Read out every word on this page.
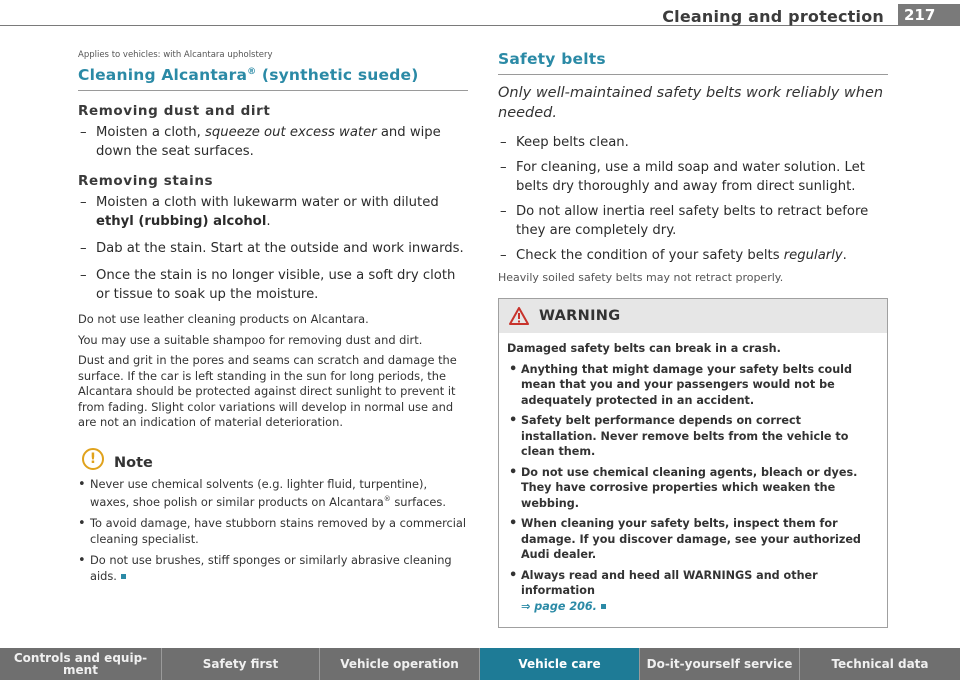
Cleaning and protection	217
Applies to vehicles: with Alcantara upholstery
Cleaning Alcantara® (synthetic suede)
Removing dust and dirt
– Moisten a cloth, squeeze out excess water and wipe down the seat surfaces.
Removing stains
– Moisten a cloth with lukewarm water or with diluted ethyl (rubbing) alcohol.
– Dab at the stain. Start at the outside and work inwards.
– Once the stain is no longer visible, use a soft dry cloth or tissue to soak up the moisture.

Do not use leather cleaning products on Alcantara.

You may use a suitable shampoo for removing dust and dirt.

Dust and grit in the pores and seams can scratch and damage the surface. If the car is left standing in the sun for long periods, the Alcantara should be protected against direct sunlight to prevent it from fading. Slight color variations will develop in normal use and are not an indication of material deterioration.

!	Note
• Never use chemical solvents (e.g. lighter fluid, turpentine), waxes, shoe polish or similar products on Alcantara® surfaces.
• To avoid damage, have stubborn stains removed by a commercial cleaning specialist.
• Do not use brushes, stiff sponges or similarly abrasive cleaning aids.
Safety belts

Only well-maintained safety belts work reliably when needed.

– Keep belts clean.
– For cleaning, use a mild soap and water solution. Let belts dry thoroughly and away from direct sunlight.
– Do not allow inertia reel safety belts to retract before they are completely dry.
– Check the condition of your safety belts regularly.

Heavily soiled safety belts may not retract properly.

WARNING

Damaged safety belts can break in a crash.

• Anything that might damage your safety belts could mean that you and your passengers would not be adequately protected in an accident.
• Safety belt performance depends on correct installation. Never remove belts from the vehicle to clean them.
• Do not use chemical cleaning agents, bleach or dyes. They have corrosive properties which weaken the webbing.
• When cleaning your safety belts, inspect them for damage. If you discover damage, see your authorized Audi dealer.
• Always read and heed all WARNINGS and other information
⇒ page 206.
Controls and equip-ment	Safety first	Vehicle operation	Vehicle care	Do-it-yourself service	Technical data
